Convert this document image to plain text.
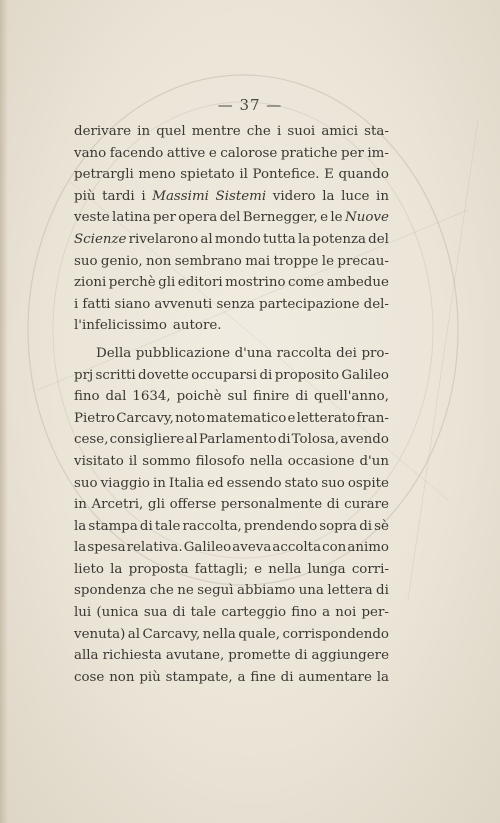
— 37 —
derivare in quel mentre che i suoi amici sta-
vano facendo attive e calorose pratiche per im-
petrargli meno spietato il Pontefice. E quando
più tardi i Massimi Sistemi videro la luce in
veste latina per opera del Bernegger, e le Nuove
Scienze rivelarono al mondo tutta la potenza del
suo genio, non sembrano mai troppe le precau-
zioni perchè gli editori mostrino come ambedue
i fatti siano avvenuti senza partecipazione del-
l'infelicissimo autore.
Della pubblicazione d'una raccolta dei pro-
prj scritti dovette occuparsi di proposito Galileo
fino dal 1634, poichè sul finire di quell'anno,
Pietro Carcavy, noto matematico e letterato fran-
cese, consigliere al Parlamento di Tolosa, avendo
visitato il sommo filosofo nella occasione d'un
suo viaggio in Italia ed essendo stato suo ospite
in Arcetri, gli offerse personalmente di curare
la stampa di tale raccolta, prendendo sopra di sè
la spesa relativa. Galileo aveva accolta con animo
lieto la proposta fattagli; e nella lunga corri-
spondenza che ne seguì abbiamo una lettera di
lui (unica sua di tale carteggio fino a noi per-
venuta) al Carcavy, nella quale, corrispondendo
alla richiesta avutane, promette di aggiungere
cose non più stampate, a fine di aumentare la
